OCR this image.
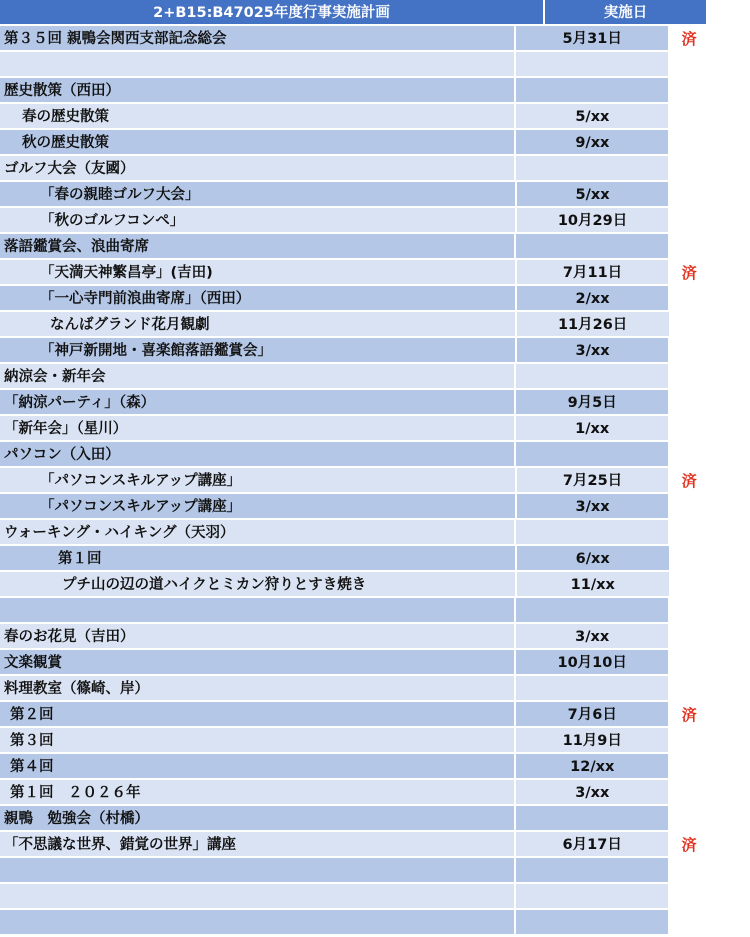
2+B15:B47025年度行事実施計画	実施日
第３５回 親鴨会関西支部記念総会	5月31日	済
歴史散策（西田）
春の歴史散策	5/xx
秋の歴史散策	9/xx
ゴルフ大会（友國）
「春の親睦ゴルフ大会」	5/xx
「秋のゴルフコンペ」	10月29日
落語鑑賞会、浪曲寄席
「天満天神繁昌亭」(吉田)	7月11日	済
「一心寺門前浪曲寄席」（西田）	2/xx
なんばグランド花月観劇	11月26日
「神戸新開地・喜楽館落語鑑賞会」	3/xx
納涼会・新年会
「納涼パーティ」（森）	9月5日
「新年会」（星川）	1/xx
パソコン（入田）
「パソコンスキルアップ講座」	7月25日	済
「パソコンスキルアップ講座」	3/xx
ウォーキング・ハイキング（天羽）
第１回	6/xx
プチ山の辺の道ハイクとミカン狩りとすき焼き	11/xx
春のお花見（吉田）	3/xx
文楽観賞	10月10日
料理教室（篠崎、岸）
第２回	7月6日	済
第３回	11月9日
第４回	12/xx
第１回　２０２６年	3/xx
親鴨　勉強会（村橋）
「不思議な世界、錯覚の世界」講座	6月17日	済
